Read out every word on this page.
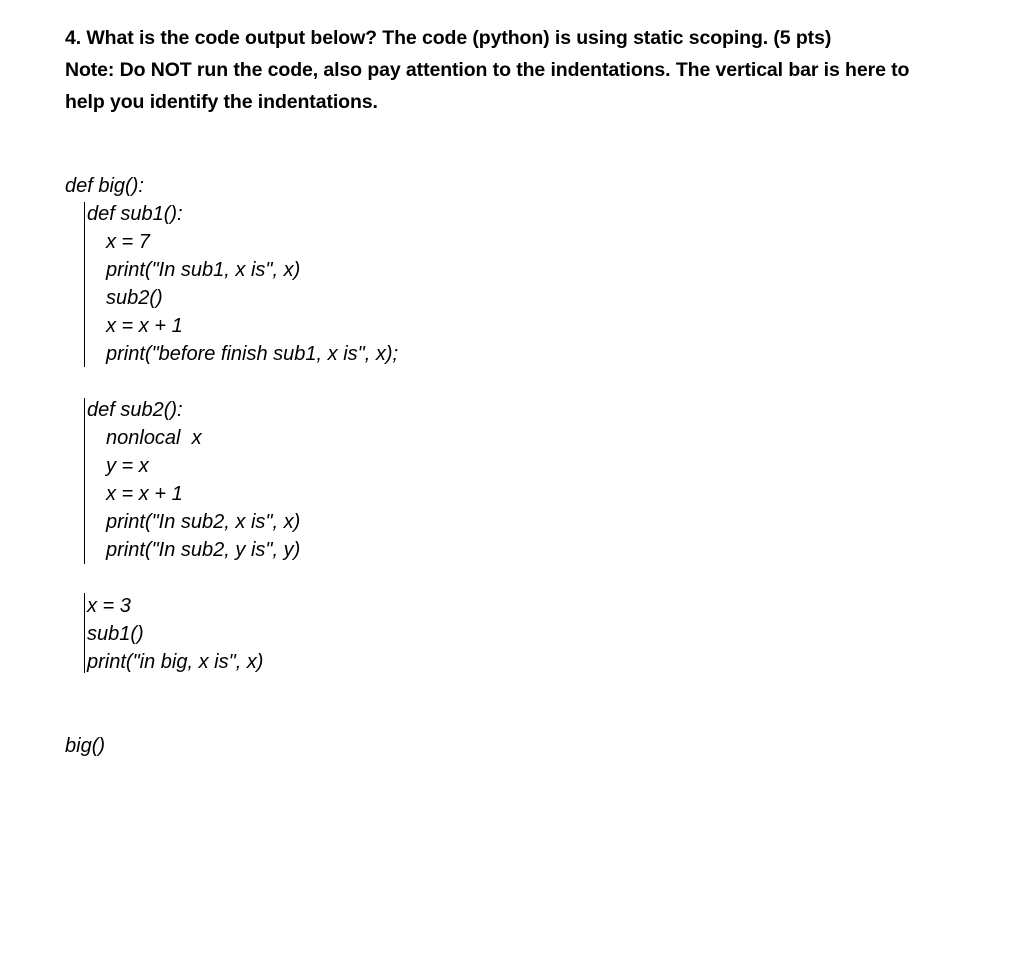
4. What is the code output below? The code (python) is using static scoping. (5 pts)
Note: Do NOT run the code, also pay attention to the indentations. The vertical bar is here to
help you identify the indentations.

def big():

def sub1():

x = 7

print("In sub1, x is", x)

sub2()

x = x + 1

print("before finish sub1, x is", x);

def sub2():

nonlocal  x

y = x

x = x + 1

print("In sub2, x is", x)

print("In sub2, y is", y)

x = 3

sub1()

print("in big, x is", x)

big()
